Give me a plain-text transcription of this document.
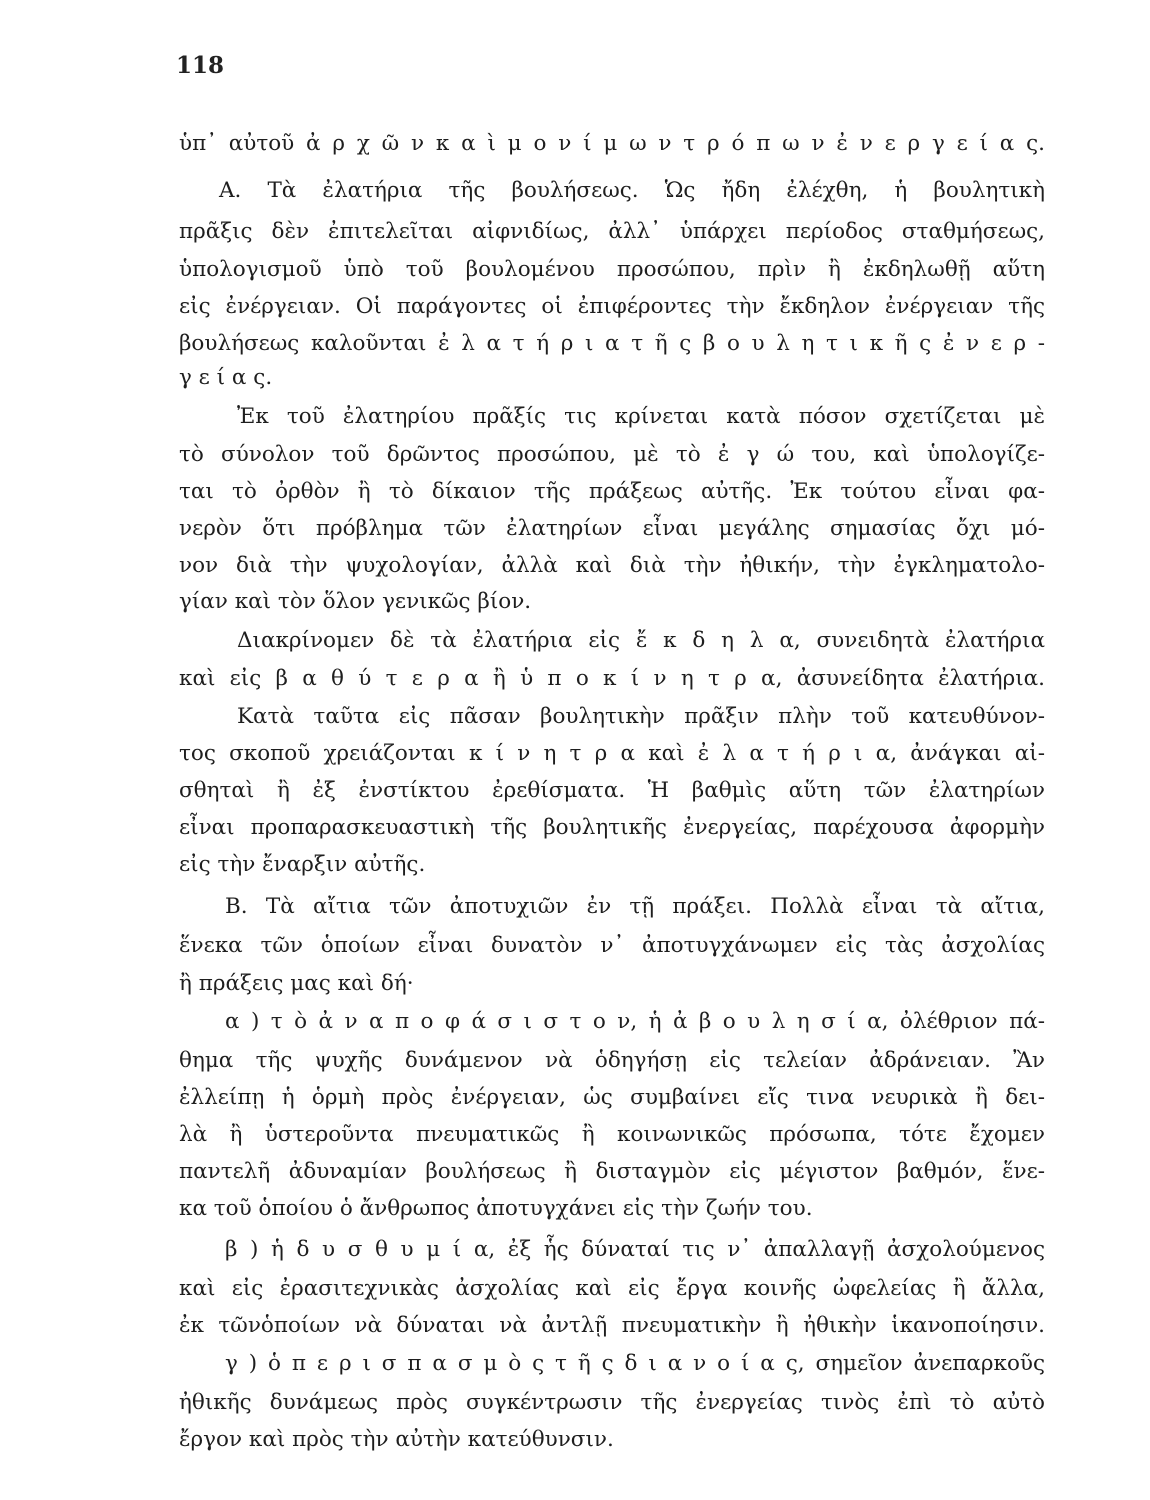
118
ὑπ᾽ αὐτοῦ ἀ ρ χ ῶ ν κ α ὶ μ ο ν ί μ ω ν τ ρ ό π ω ν ἐ ν ε ρ γ ε ί α ς.
Α. Τὰ ἐλατήρια τῆς βουλήσεως. Ὡς ἤδη ἐλέχθη, ἡ βουλητικὴ
πρᾶξις δὲν ἐπιτελεῖται αἰφνιδίως, ἀλλ᾽ ὑπάρχει περίοδος σταθμήσεως,
ὑπολογισμοῦ ὑπὸ τοῦ βουλομένου προσώπου, πρὶν ἢ ἐκδηλωθῇ αὕτη
εἰς ἐνέργειαν. Οἱ παράγοντες οἱ ἐπιφέροντες τὴν ἔκδηλον ἐνέργειαν τῆς
βουλήσεως καλοῦνται ἐ λ α τ ή ρ ι α τ ῆ ς β ο υ λ η τ ι κ ῆ ς ἐ ν ε ρ -
γ ε ί α ς.
Ἐκ τοῦ ἐλατηρίου πρᾶξίς τις κρίνεται κατὰ πόσον σχετίζεται μὲ
τὸ σύνολον τοῦ δρῶντος προσώπου, μὲ τὸ ἐ γ ώ του, καὶ ὑπολογίζε-
ται τὸ ὀρθὸν ἢ τὸ δίκαιον τῆς πράξεως αὐτῆς. Ἐκ τούτου εἶναι φα-
νερὸν ὅτι πρόβλημα τῶν ἐλατηρίων εἶναι μεγάλης σημασίας ὄχι μό-
νον διὰ τὴν ψυχολογίαν, ἀλλὰ καὶ διὰ τὴν ἠθικήν, τὴν ἐγκληματολο-
γίαν καὶ τὸν ὅλον γενικῶς βίον.
Διακρίνομεν δὲ τὰ ἐλατήρια εἰς ἔ κ δ η λ α, συνειδητὰ ἐλατήρια
καὶ εἰς β α θ ύ τ ε ρ α ἢ ὑ π ο κ ί ν η τ ρ α, ἀσυνείδητα ἐλατήρια.
Κατὰ ταῦτα εἰς πᾶσαν βουλητικὴν πρᾶξιν πλὴν τοῦ κατευθύνον-
τος σκοποῦ χρειάζονται κ ί ν η τ ρ α καὶ ἐ λ α τ ή ρ ι α, ἀνάγκαι αἰ-
σθηταὶ ἢ ἐξ ἐνστίκτου ἐρεθίσματα. Ἡ βαθμὶς αὕτη τῶν ἐλατηρίων
εἶναι προπαρασκευαστικὴ τῆς βουλητικῆς ἐνεργείας, παρέχουσα ἀφορμὴν
εἰς τὴν ἔναρξιν αὐτῆς.
Β. Τὰ αἴτια τῶν ἀποτυχιῶν ἐν τῇ πράξει. Πολλὰ εἶναι τὰ αἴτια,
ἕνεκα τῶν ὁποίων εἶναι δυνατὸν ν᾽ ἀποτυγχάνωμεν εἰς τὰς ἀσχολίας
ἢ πράξεις μας καὶ δή·
α ) τ ὸ ἀ ν α π ο φ ά σ ι σ τ ο ν, ἡ ἀ β ο υ λ η σ ί α, ὀλέθριον πά-
θημα τῆς ψυχῆς δυνάμενον νὰ ὁδηγήσῃ εἰς τελείαν ἀδράνειαν. Ἂν
ἐλλείπῃ ἡ ὁρμὴ πρὸς ἐνέργειαν, ὡς συμβαίνει εἴς τινα νευρικὰ ἢ δει-
λὰ ἢ ὑστεροῦντα πνευματικῶς ἢ κοινωνικῶς πρόσωπα, τότε ἔχομεν
παντελῆ ἀδυναμίαν βουλήσεως ἢ δισταγμὸν εἰς μέγιστον βαθμόν, ἕνε-
κα τοῦ ὁποίου ὁ ἄνθρωπος ἀποτυγχάνει εἰς τὴν ζωήν του.
β ) ἡ δ υ σ θ υ μ ί α, ἐξ ἧς δύναταί τις ν᾽ ἀπαλλαγῇ ἀσχολούμενος
καὶ εἰς ἐρασιτεχνικὰς ἀσχολίας καὶ εἰς ἔργα κοινῆς ὠφελείας ἢ ἄλλα,
ἐκ τῶνὁποίων νὰ δύναται νὰ ἀντλῇ πνευματικὴν ἢ ἠθικὴν ἱκανοποίησιν.
γ ) ὁ π ε ρ ι σ π α σ μ ὸ ς τ ῆ ς δ ι α ν ο ί α ς, σημεῖον ἀνεπαρκοῦς
ἠθικῆς δυνάμεως πρὸς συγκέντρωσιν τῆς ἐνεργείας τινὸς ἐπὶ τὸ αὐτὸ
ἔργον καὶ πρὸς τὴν αὐτὴν κατεύθυνσιν.
